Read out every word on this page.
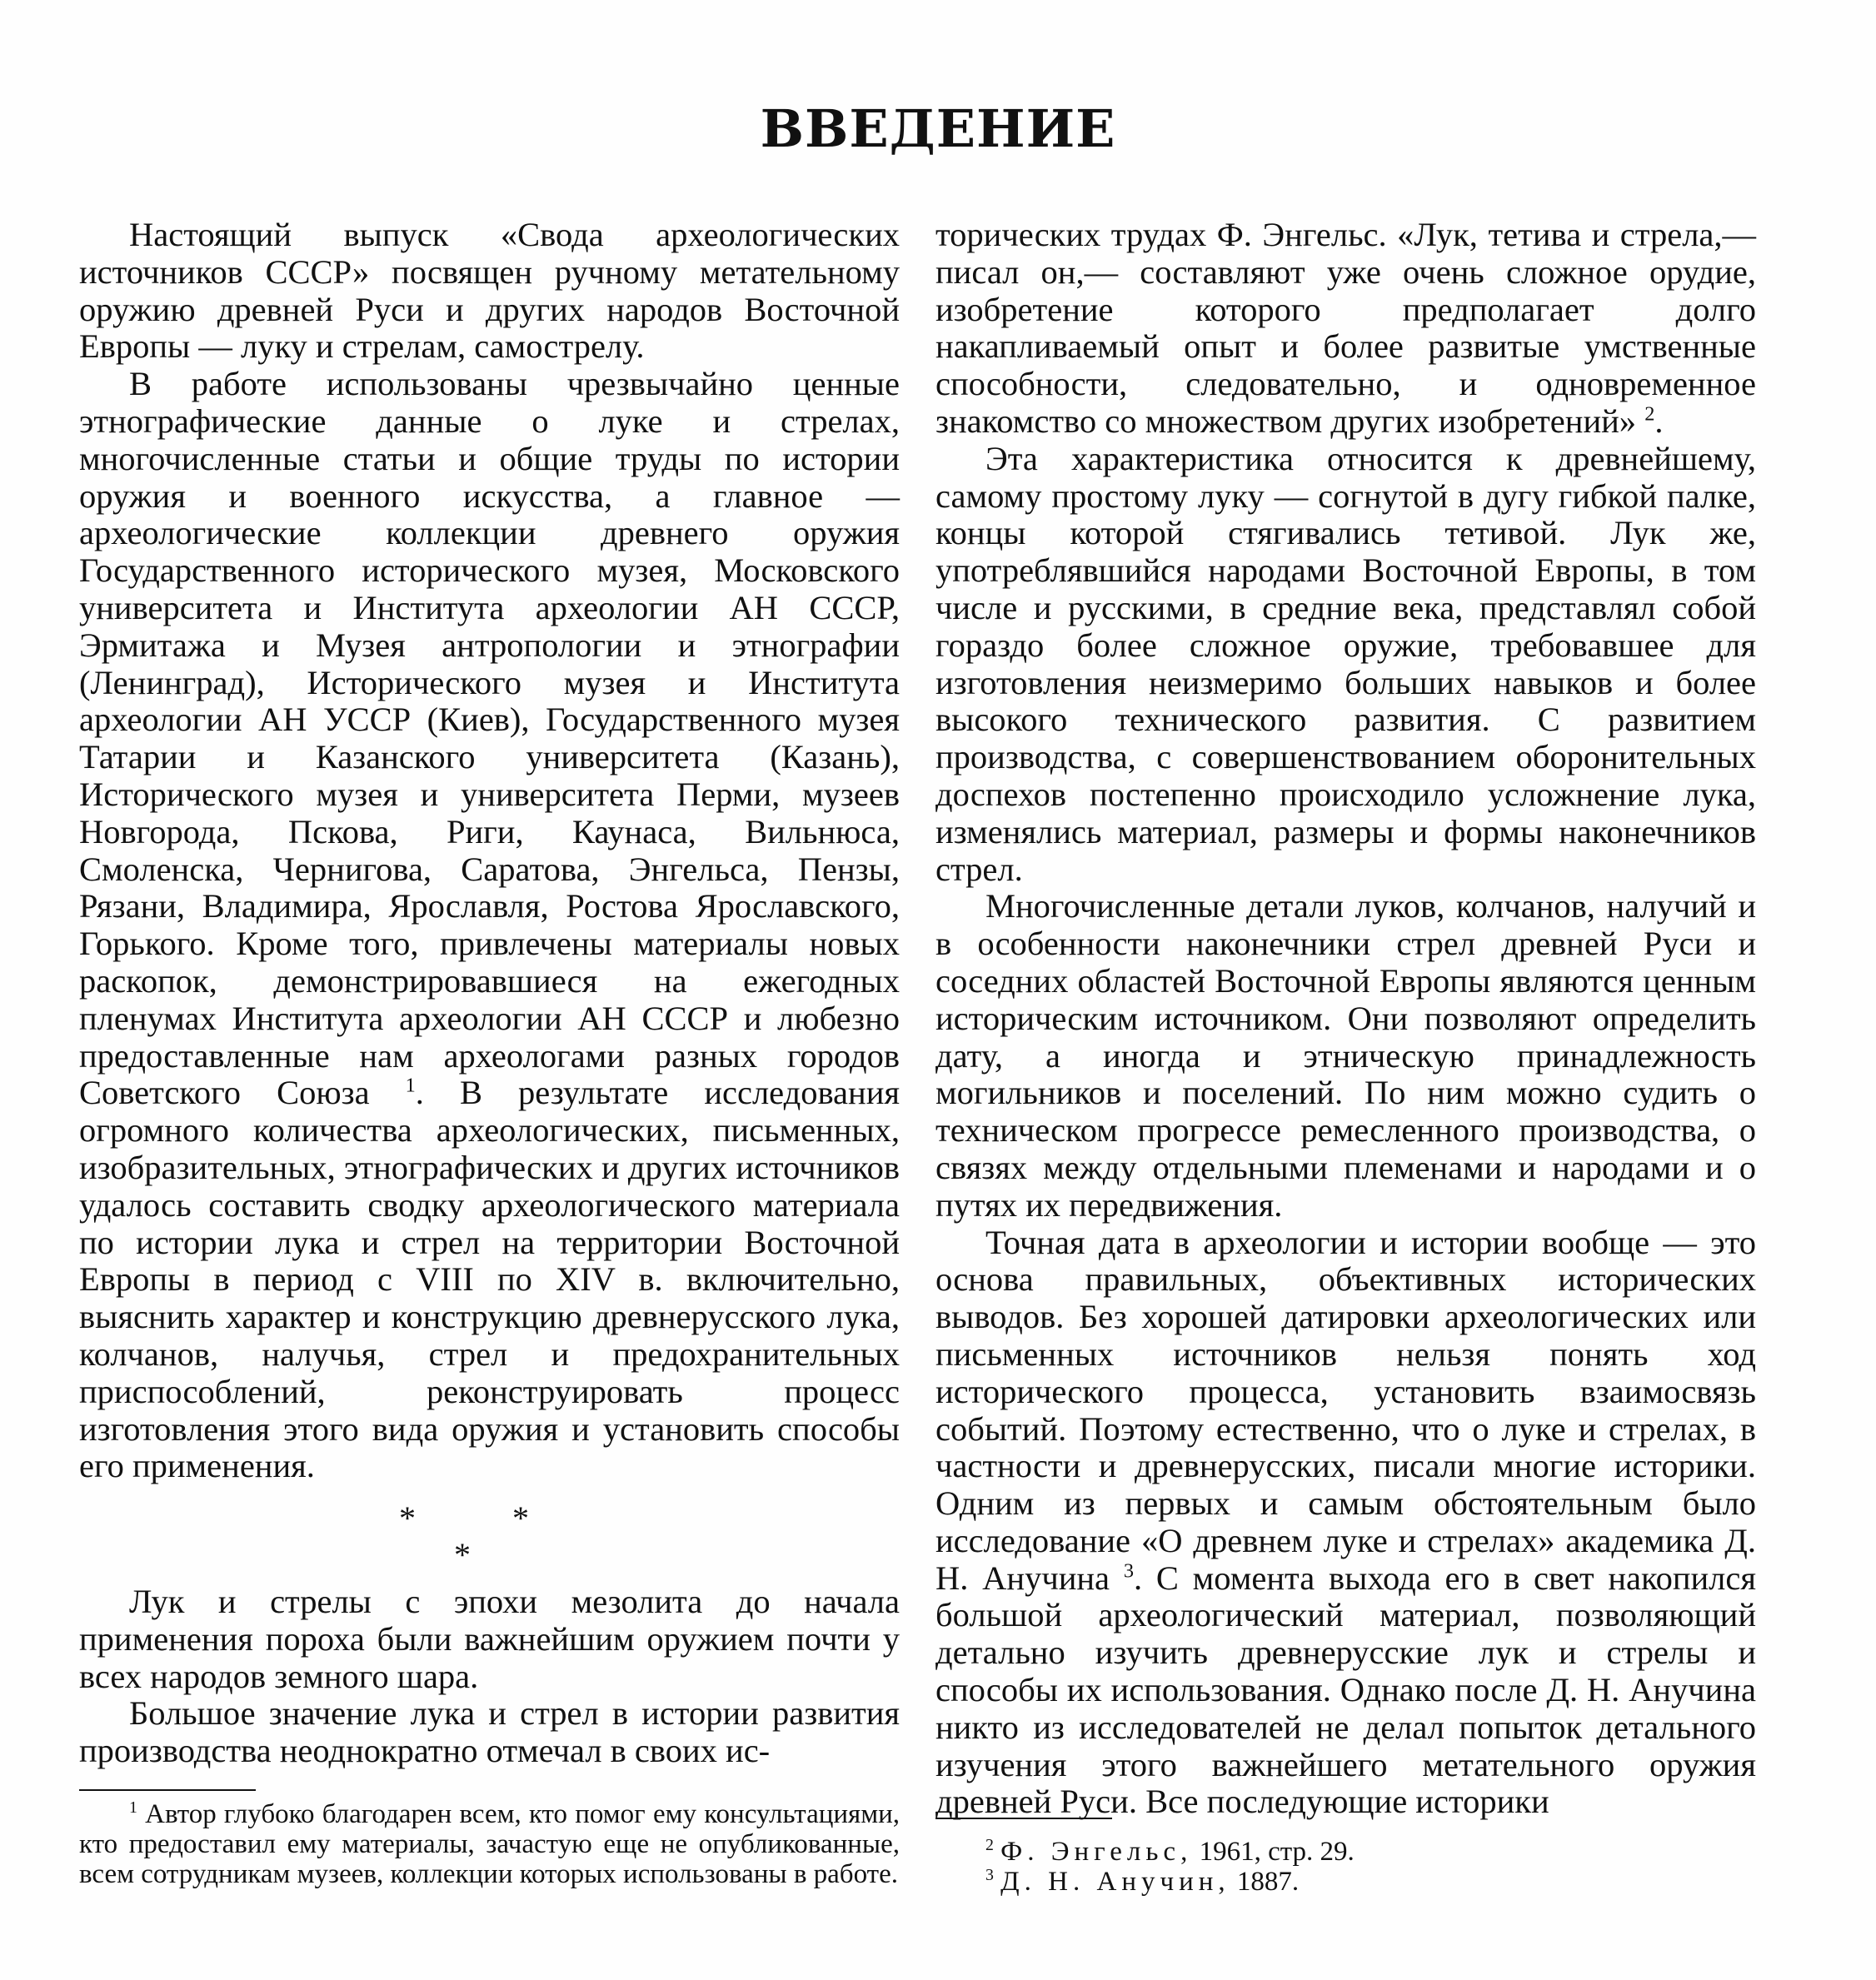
ВВЕДЕНИЕ

Настоящий выпуск «Свода археологических источников СССР» посвящен ручному метательному оружию древней Руси и других народов Восточной Европы — луку и стрелам, самострелу.

В работе использованы чрезвычайно ценные этнографические данные о луке и стрелах, многочисленные статьи и общие труды по истории оружия и военного искусства, а главное — археологические коллекции древнего оружия Государственного исторического музея, Московского университета и Института археологии АН СССР, Эрмитажа и Музея антропологии и этнографии (Ленинград), Исторического музея и Института археологии АН УССР (Киев), Государственного музея Татарии и Казанского университета (Казань), Исторического музея и университета Перми, музеев Новгорода, Пскова, Риги, Каунаса, Вильнюса, Смоленска, Чернигова, Саратова, Энгельса, Пензы, Рязани, Владимира, Ярославля, Ростова Ярославского, Горького. Кроме того, привлечены материалы новых раскопок, демонстрировавшиеся на ежегодных пленумах Института археологии АН СССР и любезно предоставленные нам археологами разных городов Советского Союза $^1$. В результате исследования огромного количества археологических, письменных, изобразительных, этнографических и других источников удалось составить сводку археологического материала по истории лука и стрел на территории Восточной Европы в период с VIII по XIV в. включительно, выяснить характер и конструкцию древнерусского лука, колчанов, налучья, стрел и предохранительных приспособлений, реконструировать процесс изготовления этого вида оружия и установить способы его применения.

*	*
*

Лук и стрелы с эпохи мезолита до начала применения пороха были важнейшим оружием почти у всех народов земного шара.

Большое значение лука и стрел в истории развития производства неоднократно отмечал в своих ис-

торических трудах Ф. Энгельс. «Лук, тетива и стрела,— писал он,— составляют уже очень сложное орудие, изобретение которого предполагает долго накапливаемый опыт и более развитые умственные способности, следовательно, и одновременное знакомство со множеством других изобретений» $^2$.

Эта характеристика относится к древнейшему, самому простому луку — согнутой в дугу гибкой палке, концы которой стягивались тетивой. Лук же, употреблявшийся народами Восточной Европы, в том числе и русскими, в средние века, представлял собой гораздо более сложное оружие, требовавшее для изготовления неизмеримо больших навыков и более высокого технического развития. С развитием производства, с совершенствованием оборонительных доспехов постепенно происходило усложнение лука, изменялись материал, размеры и формы наконечников стрел.

Многочисленные детали луков, колчанов, налучий и в особенности наконечники стрел древней Руси и соседних областей Восточной Европы являются ценным историческим источником. Они позволяют определить дату, а иногда и этническую принадлежность могильников и поселений. По ним можно судить о техническом прогрессе ремесленного производства, о связях между отдельными племенами и народами и о путях их передвижения.

Точная дата в археологии и истории вообще — это основа правильных, объективных исторических выводов. Без хорошей датировки археологических или письменных источников нельзя понять ход исторического процесса, установить взаимосвязь событий. Поэтому естественно, что о луке и стрелах, в частности и древнерусских, писали многие историки. Одним из первых и самым обстоятельным было исследование «О древнем луке и стрелах» академика Д. Н. Анучина $^3$. С момента выхода его в свет накопился большой археологический материал, позволяющий детально изучить древнерусские лук и стрелы и способы их использования. Однако после Д. Н. Анучина никто из исследователей не делал попыток детального изучения этого важнейшего метательного оружия древней Руси. Все последующие историки

$^1$ Автор глубоко благодарен всем, кто помог ему консультациями, кто предоставил ему материалы, зачастую еще не опубликованные, всем сотрудникам музеев, коллекции которых использованы в работе.

$^2$ Ф. Энгельс, 1961, стр. 29.

$^3$ Д. Н. Анучин, 1887.
